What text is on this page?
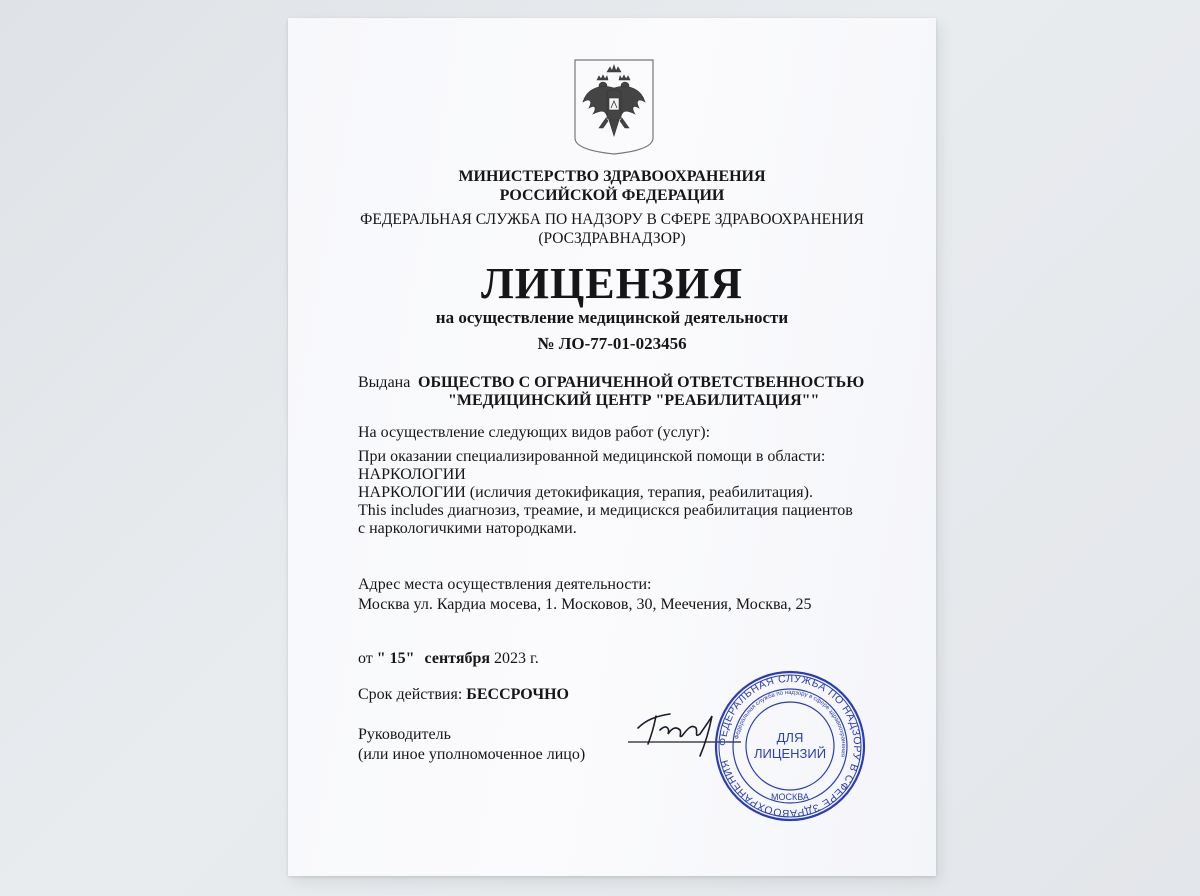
МИНИСТЕРСТВО ЗДРАВООХРАНЕНИЯ
РОССИЙСКОЙ ФЕДЕРАЦИИ
ФЕДЕРАЛЬНАЯ СЛУЖБА ПО НАДЗОРУ В СФЕРЕ ЗДРАВООХРАНЕНИЯ
(РОСЗДРАВНАДЗОР)
ЛИЦЕНЗИЯ
на осуществление медицинской деятельности
№ ЛО-77-01-023456
Выдана ОБЩЕСТВО С ОГРАНИЧЕННОЙ ОТВЕТСТВЕННОСТЬЮ
"МЕДИЦИНСКИЙ ЦЕНТР "РЕАБИЛИТАЦИЯ""
На осуществление следующих видов работ (услуг):
При оказании специализированной медицинской помощи в области:
НАРКОЛОГИИ
НАРКОЛОГИИ (исличия детокификация, терапия, реабилитация).
This includes диагнозиз, треамие, и медицискся реабилитация пациентов
с наркологичкими натородками.
Адрес места осуществления деятельности:
Москва ул. Кардиа мосeва, 1. Московов, 30, Меечения, Москва, 25
от " 15" сентября 2023 г.
Срок действия: БЕССРОЧНО
Руководитель
(или иное уполномоченное лицо)
ФЕДЕРАЛЬНАЯ СЛУЖБА ПО НАДЗОРУ В СФЕРЕ ЗДРАВООХРАНЕНИЯ
Федеральная служба по надзору в сфере здравоохранения
ДЛЯ
ЛИЦЕНЗИЙ
МОСКВА
